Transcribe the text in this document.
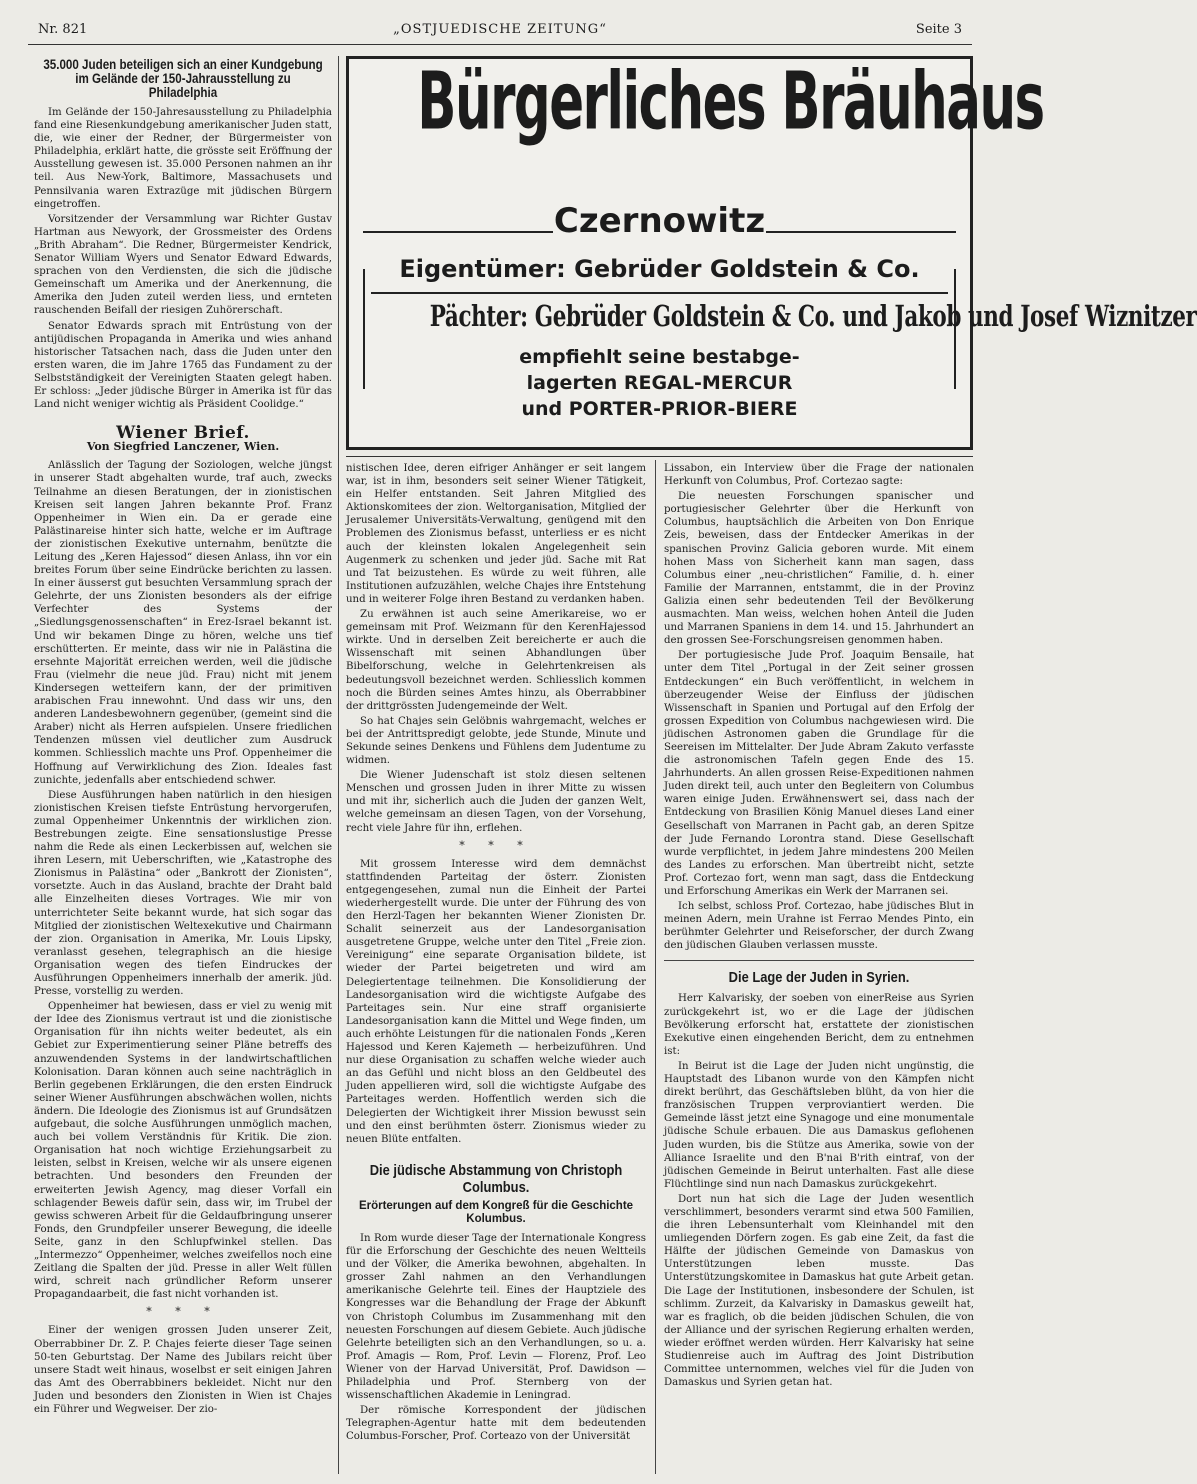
Nr. 821	„OSTJUEDISCHE ZEITUNG“	Seite 3
35.000 Juden beteiligen sich an einer Kundgebung im Gelände der 150-Jahrausstellung zu Philadelphia

Im Gelände der 150-Jahresausstellung zu Philadelphia fand eine Riesenkundgebung amerikanischer Juden statt, die, wie einer der Redner, der Bürgermeister von Philadelphia, erklärt hatte, die grösste seit Eröffnung der Ausstellung gewesen ist. 35.000 Personen nahmen an ihr teil. Aus New-York, Baltimore, Massachusets und Pennsilvania waren Extrazüge mit jüdischen Bürgern eingetroffen.

Vorsitzender der Versammlung war Richter Gustav Hartman aus Newyork, der Grossmeister des Ordens „Brith Abraham“. Die Redner, Bürgermeister Kendrick, Senator William Wyers und Senator Edward Edwards, sprachen von den Verdiensten, die sich die jüdische Gemeinschaft um Amerika und der Anerkennung, die Amerika den Juden zuteil werden liess, und ernteten rauschenden Beifall der riesigen Zuhörerschaft.

Senator Edwards sprach mit Entrüstung von der antijüdischen Propaganda in Amerika und wies anhand historischer Tatsachen nach, dass die Juden unter den ersten waren, die im Jahre 1765 das Fundament zu der Selbstständigkeit der Vereinigten Staaten gelegt haben. Er schloss: „Jeder jüdische Bürger in Amerika ist für das Land nicht weniger wichtig als Präsident Coolidge.“

Wiener Brief.
Von Siegfried Lanczener, Wien.

Anlässlich der Tagung der Soziologen, welche jüngst in unserer Stadt abgehalten wurde, traf auch, zwecks Teilnahme an diesen Beratungen, der in zionistischen Kreisen seit langen Jahren bekannte Prof. Franz Oppenheimer in Wien ein. Da er gerade eine Palästinareise hinter sich hatte, welche er im Auftrage der zionistischen Exekutive unternahm, benützte die Leitung des „Keren Hajessod“ diesen Anlass, ihn vor ein breites Forum über seine Eindrücke berichten zu lassen. In einer äusserst gut besuchten Versammlung sprach der Gelehrte, der uns Zionisten besonders als der eifrige Verfechter des Systems der „Siedlungsgenossenschaften“ in Erez-Israel bekannt ist. Und wir bekamen Dinge zu hören, welche uns tief erschütterten. Er meinte, dass wir nie in Palästina die ersehnte Majorität erreichen werden, weil die jüdische Frau (vielmehr die neue jüd. Frau) nicht mit jenem Kindersegen wetteifern kann, der der primitiven arabischen Frau innewohnt. Und dass wir uns, den anderen Landesbewohnern gegenüber, (gemeint sind die Araber) nicht als Herren aufspielen. Unsere friedlichen Tendenzen müssen viel deutlicher zum Ausdruck kommen. Schliesslich machte uns Prof. Oppenheimer die Hoffnung auf Verwirklichung des Zion. Ideales fast zunichte, jedenfalls aber entschiedend schwer.

Diese Ausführungen haben natürlich in den hiesigen zionistischen Kreisen tiefste Entrüstung hervorgerufen, zumal Oppenheimer Unkenntnis der wirklichen zion. Bestrebungen zeigte. Eine sensationslustige Presse nahm die Rede als einen Leckerbissen auf, welchen sie ihren Lesern, mit Ueberschriften, wie „Katastrophe des Zionismus in Palästina“ oder „Bankrott der Zionisten“, vorsetzte. Auch in das Ausland, brachte der Draht bald alle Einzelheiten dieses Vortrages. Wie mir von unterrichteter Seite bekannt wurde, hat sich sogar das Mitglied der zionistischen Weltexekutive und Chairmann der zion. Organisation in Amerika, Mr. Louis Lipsky, veranlasst gesehen, telegraphisch an die hiesige Organisation wegen des tiefen Eindruckes der Ausführungen Oppenheimers innerhalb der amerik. jüd. Presse, vorstellig zu werden.

Oppenheimer hat bewiesen, dass er viel zu wenig mit der Idee des Zionismus vertraut ist und die zionistische Organisation für ihn nichts weiter bedeutet, als ein Gebiet zur Experimentierung seiner Pläne betreffs des anzuwendenden Systems in der landwirtschaftlichen Kolonisation. Daran können auch seine nachträglich in Berlin gegebenen Erklärungen, die den ersten Eindruck seiner Wiener Ausführungen abschwächen wollen, nichts ändern. Die Ideologie des Zionismus ist auf Grundsätzen aufgebaut, die solche Ausführungen unmöglich machen, auch bei vollem Verständnis für Kritik. Die zion. Organisation hat noch wichtige Erziehungsarbeit zu leisten, selbst in Kreisen, welche wir als unsere eigenen betrachten. Und besonders den Freunden der erweiterten Jewish Agency, mag dieser Vorfall ein schlagender Beweis dafür sein, dass wir, im Trubel der gewiss schweren Arbeit für die Geldaufbringung unserer Fonds, den Grundpfeiler unserer Bewegung, die ideelle Seite, ganz in den Schlupfwinkel stellen. Das „Intermezzo“ Oppenheimer, welches zweifellos noch eine Zeitlang die Spalten der jüd. Presse in aller Welt füllen wird, schreit nach gründlicher Reform unserer Propagandaarbeit, die fast nicht vorhanden ist.

* * *

Einer der wenigen grossen Juden unserer Zeit, Oberrabbiner Dr. Z. P. Chajes feierte dieser Tage seinen 50-ten Geburtstag. Der Name des Jubilars reicht über unsere Stadt weit hinaus, woselbst er seit einigen Jahren das Amt des Oberrabbiners bekleidet. Nicht nur den Juden und besonders den Zionisten in Wien ist Chajes ein Führer und Wegweiser. Der zio-

Bürgerliches Bräuhaus
Czernowitz
Eigentümer: Gebrüder Goldstein & Co.
Pächter: Gebrüder Goldstein & Co. und Jakob und Josef Wiznitzer
empfiehlt seine bestabge-
lagerten REGAL-MERCUR
und PORTER-PRIOR-BIERE

nistischen Idee, deren eifriger Anhänger er seit langem war, ist in ihm, besonders seit seiner Wiener Tätigkeit, ein Helfer entstanden. Seit Jahren Mitglied des Aktionskomitees der zion. Weltorganisation, Mitglied der Jerusalemer Universitäts-Verwaltung, genügend mit den Problemen des Zionismus befasst, unterliess er es nicht auch der kleinsten lokalen Angelegenheit sein Augenmerk zu schenken und jeder jüd. Sache mit Rat und Tat beizustehen. Es würde zu weit führen, alle Institutionen aufzuzählen, welche Chajes ihre Entstehung und in weiterer Folge ihren Bestand zu verdanken haben.

Zu erwähnen ist auch seine Amerikareise, wo er gemeinsam mit Prof. Weizmann für den KerenHajessod wirkte. Und in derselben Zeit bereicherte er auch die Wissenschaft mit seinen Abhandlungen über Bibelforschung, welche in Gelehrtenkreisen als bedeutungsvoll bezeichnet werden. Schliesslich kommen noch die Bürden seines Amtes hinzu, als Oberrabbiner der drittgrössten Judengemeinde der Welt.

So hat Chajes sein Gelöbnis wahrgemacht, welches er bei der Antrittspredigt gelobte, jede Stunde, Minute und Sekunde seines Denkens und Fühlens dem Judentume zu widmen.

Die Wiener Judenschaft ist stolz diesen seltenen Menschen und grossen Juden in ihrer Mitte zu wissen und mit ihr, sicherlich auch die Juden der ganzen Welt, welche gemeinsam an diesen Tagen, von der Vorsehung, recht viele Jahre für ihn, erflehen.

* * *

Mit grossem Interesse wird dem demnächst stattfindenden Parteitag der österr. Zionisten entgegengesehen, zumal nun die Einheit der Partei wiederhergestellt wurde. Die unter der Führung des von den Herzl-Tagen her bekannten Wiener Zionisten Dr. Schalit seinerzeit aus der Landesorganisation ausgetretene Gruppe, welche unter den Titel „Freie zion. Vereinigung“ eine separate Organisation bildete, ist wieder der Partei beigetreten und wird am Delegiertentage teilnehmen. Die Konsolidierung der Landesorganisation wird die wichtigste Aufgabe des Parteitages sein. Nur eine straff organisierte Landesorganisation kann die Mittel und Wege finden, um auch erhöhte Leistungen für die nationalen Fonds „Keren Hajessod und Keren Kajemeth — herbeizuführen. Und nur diese Organisation zu schaffen welche wieder auch an das Gefühl und nicht bloss an den Geldbeutel des Juden appellieren wird, soll die wichtigste Aufgabe des Parteitages werden. Hoffentlich werden sich die Delegierten der Wichtigkeit ihrer Mission bewusst sein und den einst berühmten österr. Zionismus wieder zu neuen Blüte entfalten.

Die jüdische Abstammung von Christoph Columbus.
Erörterungen auf dem Kongreß für die Geschichte Kolumbus.

In Rom wurde dieser Tage der Internationale Kongress für die Erforschung der Geschichte des neuen Weltteils und der Völker, die Amerika bewohnen, abgehalten. In grosser Zahl nahmen an den Verhandlungen amerikanische Gelehrte teil. Eines der Hauptziele des Kongresses war die Behandlung der Frage der Abkunft von Christoph Columbus im Zusammenhang mit den neuesten Forschungen auf diesem Gebiete. Auch jüdische Gelehrte beteiligten sich an den Verhandlungen, so u. a. Prof. Amagis — Rom, Prof. Levin — Florenz, Prof. Leo Wiener von der Harvad Universität, Prof. Dawidson — Philadelphia und Prof. Sternberg von der wissenschaftlichen Akademie in Leningrad.

Der römische Korrespondent der jüdischen Telegraphen-Agentur hatte mit dem bedeutenden Columbus-Forscher, Prof. Corteazo von der Universität

Lissabon, ein Interview über die Frage der nationalen Herkunft von Columbus, Prof. Cortezao sagte:

Die neuesten Forschungen spanischer und portugiesischer Gelehrter über die Herkunft von Columbus, hauptsächlich die Arbeiten von Don Enrique Zeis, beweisen, dass der Entdecker Amerikas in der spanischen Provinz Galicia geboren wurde. Mit einem hohen Mass von Sicherheit kann man sagen, dass Columbus einer „neu-christlichen“ Familie, d. h. einer Familie der Marrannen, entstammt, die in der Provinz Galizia einen sehr bedeutenden Teil der Bevölkerung ausmachten. Man weiss, welchen hohen Anteil die Juden und Marranen Spaniens in dem 14. und 15. Jahrhundert an den grossen See-Forschungsreisen genommen haben.

Der portugiesische Jude Prof. Joaquim Bensaile, hat unter dem Titel „Portugal in der Zeit seiner grossen Entdeckungen“ ein Buch veröffentlicht, in welchem in überzeugender Weise der Einfluss der jüdischen Wissenschaft in Spanien und Portugal auf den Erfolg der grossen Expedition von Columbus nachgewiesen wird. Die jüdischen Astronomen gaben die Grundlage für die Seereisen im Mittelalter. Der Jude Abram Zakuto verfasste die astronomischen Tafeln gegen Ende des 15. Jahrhunderts. An allen grossen Reise-Expeditionen nahmen Juden direkt teil, auch unter den Begleitern von Columbus waren einige Juden. Erwähnenswert sei, dass nach der Entdeckung von Brasilien König Manuel dieses Land einer Gesellschaft von Marranen in Pacht gab, an deren Spitze der Jude Fernando Lorontra stand. Diese Gesellschaft wurde verpflichtet, in jedem Jahre mindestens 200 Meilen des Landes zu erforschen. Man übertreibt nicht, setzte Prof. Cortezao fort, wenn man sagt, dass die Entdeckung und Erforschung Amerikas ein Werk der Marranen sei.

Ich selbst, schloss Prof. Cortezao, habe jüdisches Blut in meinen Adern, mein Urahne ist Ferrao Mendes Pinto, ein berühmter Gelehrter und Reiseforscher, der durch Zwang den jüdischen Glauben verlassen musste.

Die Lage der Juden in Syrien.

Herr Kalvarisky, der soeben von einerReise aus Syrien zurückgekehrt ist, wo er die Lage der jüdischen Bevölkerung erforscht hat, erstattete der zionistischen Exekutive einen eingehenden Bericht, dem zu entnehmen ist:

In Beirut ist die Lage der Juden nicht ungünstig, die Hauptstadt des Libanon wurde von den Kämpfen nicht direkt berührt, das Geschäftsleben blüht, da von hier die französischen Truppen verproviantiert werden. Die Gemeinde lässt jetzt eine Synagoge und eine monumentale jüdische Schule erbauen. Die aus Damaskus geflohenen Juden wurden, bis die Stütze aus Amerika, sowie von der Alliance Israelite und den B'nai B'rith eintraf, von der jüdischen Gemeinde in Beirut unterhalten. Fast alle diese Flüchtlinge sind nun nach Damaskus zurückgekehrt.

Dort nun hat sich die Lage der Juden wesentlich verschlimmert, besonders verarmt sind etwa 500 Familien, die ihren Lebensunterhalt vom Kleinhandel mit den umliegenden Dörfern zogen. Es gab eine Zeit, da fast die Hälfte der jüdischen Gemeinde von Damaskus von Unterstützungen leben musste. Das Unterstützungskomitee in Damaskus hat gute Arbeit getan. Die Lage der Institutionen, insbesondere der Schulen, ist schlimm. Zurzeit, da Kalvarisky in Damaskus geweilt hat, war es fraglich, ob die beiden jüdischen Schulen, die von der Alliance und der syrischen Regierung erhalten werden, wieder eröffnet werden würden. Herr Kalvarisky hat seine Studienreise auch im Auftrag des Joint Distribution Committee unternommen, welches viel für die Juden von Damaskus und Syrien getan hat.
